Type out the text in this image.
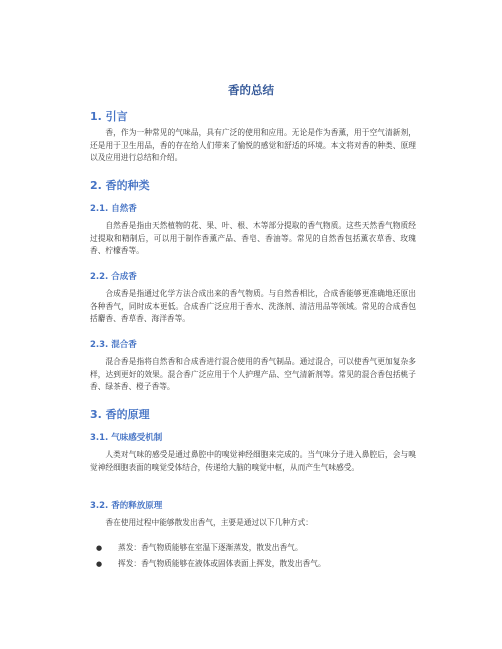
香的总结
1. 引言
香，作为一种常见的气味品，具有广泛的使用和应用。无论是作为香薰，用于空气清新剂，还是用于卫生用品，香的存在给人们带来了愉悦的感觉和舒适的环境。本文将对香的种类、原理以及应用进行总结和介绍。
2. 香的种类
2.1. 自然香
自然香是指由天然植物的花、果、叶、根、木等部分提取的香气物质。这些天然香气物质经过提取和精制后，可以用于制作香薰产品、香皂、香油等。常见的自然香包括薰衣草香、玫瑰香、柠檬香等。
2.2. 合成香
合成香是指通过化学方法合成出来的香气物质。与自然香相比，合成香能够更准确地还原出各种香气，同时成本更低。合成香广泛应用于香水、洗涤剂、清洁用品等领域。常见的合成香包括麝香、香草香、海洋香等。
2.3. 混合香
混合香是指将自然香和合成香进行混合使用的香气制品。通过混合，可以使香气更加复杂多样，达到更好的效果。混合香广泛应用于个人护理产品、空气清新剂等。常见的混合香包括桃子香、绿茶香、橙子香等。
3. 香的原理
3.1. 气味感受机制
人类对气味的感受是通过鼻腔中的嗅觉神经细胞来完成的。当气味分子进入鼻腔后，会与嗅觉神经细胞表面的嗅觉受体结合，传递给大脑的嗅觉中枢，从而产生气味感受。
3.2. 香的释放原理
香在使用过程中能够散发出香气，主要是通过以下几种方式：
● 蒸发：香气物质能够在室温下逐渐蒸发，散发出香气。
● 挥发：香气物质能够在液体或固体表面上挥发，散发出香气。
